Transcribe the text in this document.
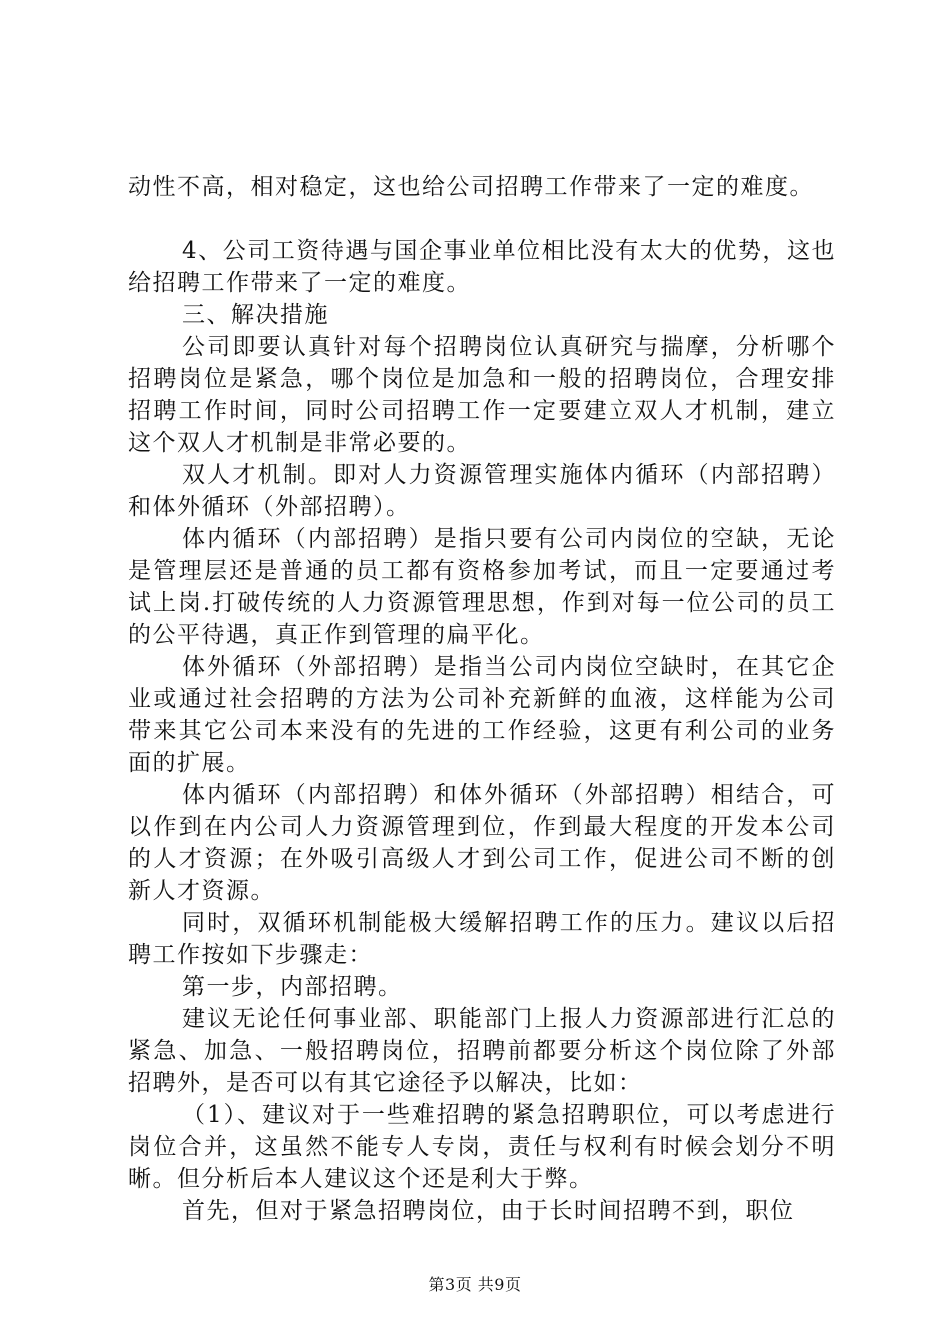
动性不高，相对稳定，这也给公司招聘工作带来了一定的难度。

4、公司工资待遇与国企事业单位相比没有太大的优势，这也给招聘工作带来了一定的难度。

三、解决措施

公司即要认真针对每个招聘岗位认真研究与揣摩，分析哪个招聘岗位是紧急，哪个岗位是加急和一般的招聘岗位，合理安排招聘工作时间，同时公司招聘工作一定要建立双人才机制，建立这个双人才机制是非常必要的。

双人才机制。即对人力资源管理实施体内循环（内部招聘）和体外循环（外部招聘）。

体内循环（内部招聘）是指只要有公司内岗位的空缺，无论是管理层还是普通的员工都有资格参加考试，而且一定要通过考试上岗.打破传统的人力资源管理思想，作到对每一位公司的员工的公平待遇，真正作到管理的扁平化。

体外循环（外部招聘）是指当公司内岗位空缺时，在其它企业或通过社会招聘的方法为公司补充新鲜的血液，这样能为公司带来其它公司本来没有的先进的工作经验，这更有利公司的业务面的扩展。

体内循环（内部招聘）和体外循环（外部招聘）相结合，可以作到在内公司人力资源管理到位，作到最大程度的开发本公司的人才资源；在外吸引高级人才到公司工作，促进公司不断的创新人才资源。

同时，双循环机制能极大缓解招聘工作的压力。建议以后招聘工作按如下步骤走：

第一步，内部招聘。

建议无论任何事业部、职能部门上报人力资源部进行汇总的紧急、加急、一般招聘岗位，招聘前都要分析这个岗位除了外部招聘外，是否可以有其它途径予以解决，比如：

（1）、建议对于一些难招聘的紧急招聘职位，可以考虑进行岗位合并，这虽然不能专人专岗，责任与权利有时候会划分不明晰。但分析后本人建议这个还是利大于弊。

首先，但对于紧急招聘岗位，由于长时间招聘不到，职位

第3页 共9页
